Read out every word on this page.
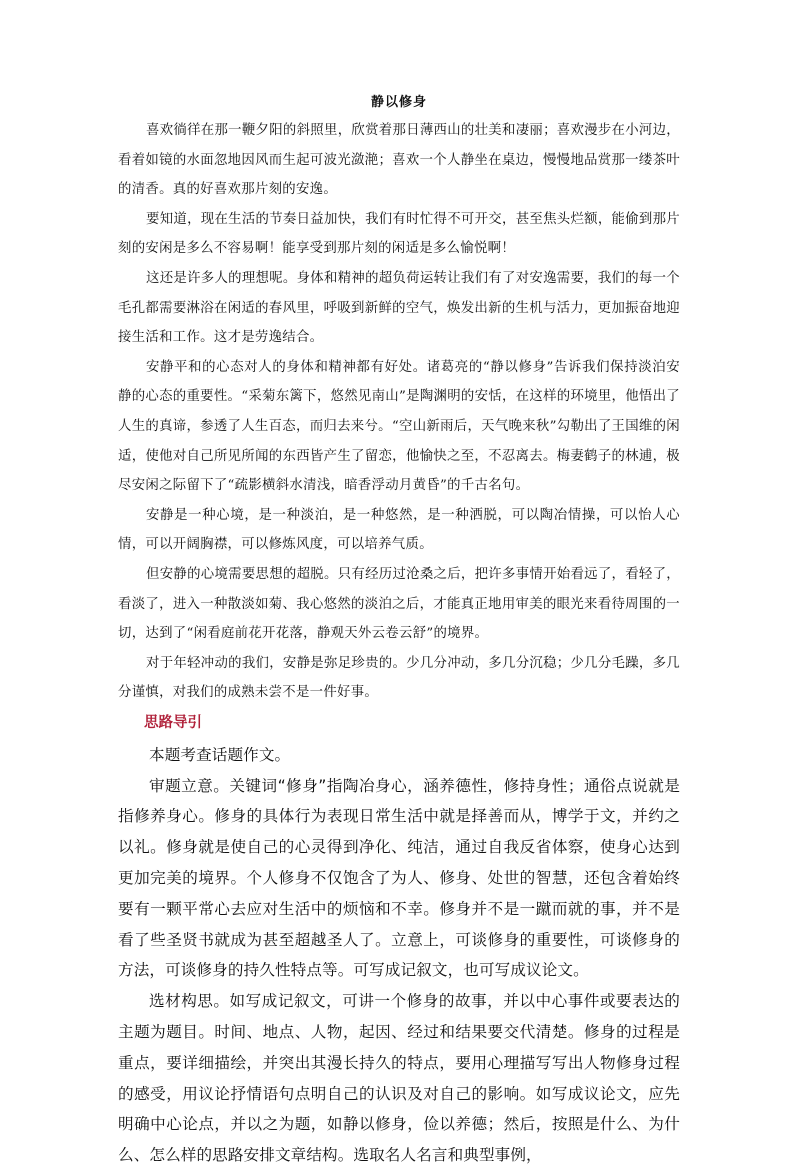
静以修身

喜欢徜徉在那一鞭夕阳的斜照里，欣赏着那日薄西山的壮美和凄丽；喜欢漫步在小河边，看着如镜的水面忽地因风而生起可波光潋滟；喜欢一个人静坐在桌边，慢慢地品赏那一缕茶叶的清香。真的好喜欢那片刻的安逸。

要知道，现在生活的节奏日益加快，我们有时忙得不可开交，甚至焦头烂额，能偷到那片刻的安闲是多么不容易啊！能享受到那片刻的闲适是多么愉悦啊！

这还是许多人的理想呢。身体和精神的超负荷运转让我们有了对安逸需要，我们的每一个毛孔都需要淋浴在闲适的春风里，呼吸到新鲜的空气，焕发出新的生机与活力，更加振奋地迎接生活和工作。这才是劳逸结合。

安静平和的心态对人的身体和精神都有好处。诸葛亮的“静以修身”告诉我们保持淡泊安静的心态的重要性。“采菊东篱下，悠然见南山”是陶渊明的安恬，在这样的环境里，他悟出了人生的真谛，参透了人生百态，而归去来兮。“空山新雨后，天气晚来秋”勾勒出了王国维的闲适，使他对自己所见所闻的东西皆产生了留恋，他愉快之至，不忍离去。梅妻鹤子的林逋，极尽安闲之际留下了“疏影横斜水清浅，暗香浮动月黄昏”的千古名句。

安静是一种心境，是一种淡泊，是一种悠然，是一种洒脱，可以陶冶情操，可以怡人心情，可以开阔胸襟，可以修炼风度，可以培养气质。

但安静的心境需要思想的超脱。只有经历过沧桑之后，把许多事情开始看远了，看轻了，看淡了，进入一种散淡如菊、我心悠然的淡泊之后，才能真正地用审美的眼光来看待周围的一切，达到了“闲看庭前花开花落，静观天外云卷云舒”的境界。

对于年轻冲动的我们，安静是弥足珍贵的。少几分冲动，多几分沉稳；少几分毛躁，多几分谨慎，对我们的成熟未尝不是一件好事。

思路导引

本题考查话题作文。

审题立意。关键词“修身”指陶冶身心，涵养德性，修持身性；通俗点说就是指修养身心。修身的具体行为表现日常生活中就是择善而从，博学于文，并约之以礼。修身就是使自己的心灵得到净化、纯洁，通过自我反省体察，使身心达到更加完美的境界。个人修身不仅饱含了为人、修身、处世的智慧，还包含着始终要有一颗平常心去应对生活中的烦恼和不幸。修身并不是一蹴而就的事，并不是看了些圣贤书就成为甚至超越圣人了。立意上，可谈修身的重要性，可谈修身的方法，可谈修身的持久性特点等。可写成记叙文，也可写成议论文。

选材构思。如写成记叙文，可讲一个修身的故事，并以中心事件或要表达的主题为题目。时间、地点、人物，起因、经过和结果要交代清楚。修身的过程是重点，要详细描绘，并突出其漫长持久的特点，要用心理描写写出人物修身过程的感受，用议论抒情语句点明自己的认识及对自己的影响。如写成议论文，应先明确中心论点，并以之为题，如静以修身，俭以养德；然后，按照是什么、为什么、怎么样的思路安排文章结构。选取名人名言和典型事例，
